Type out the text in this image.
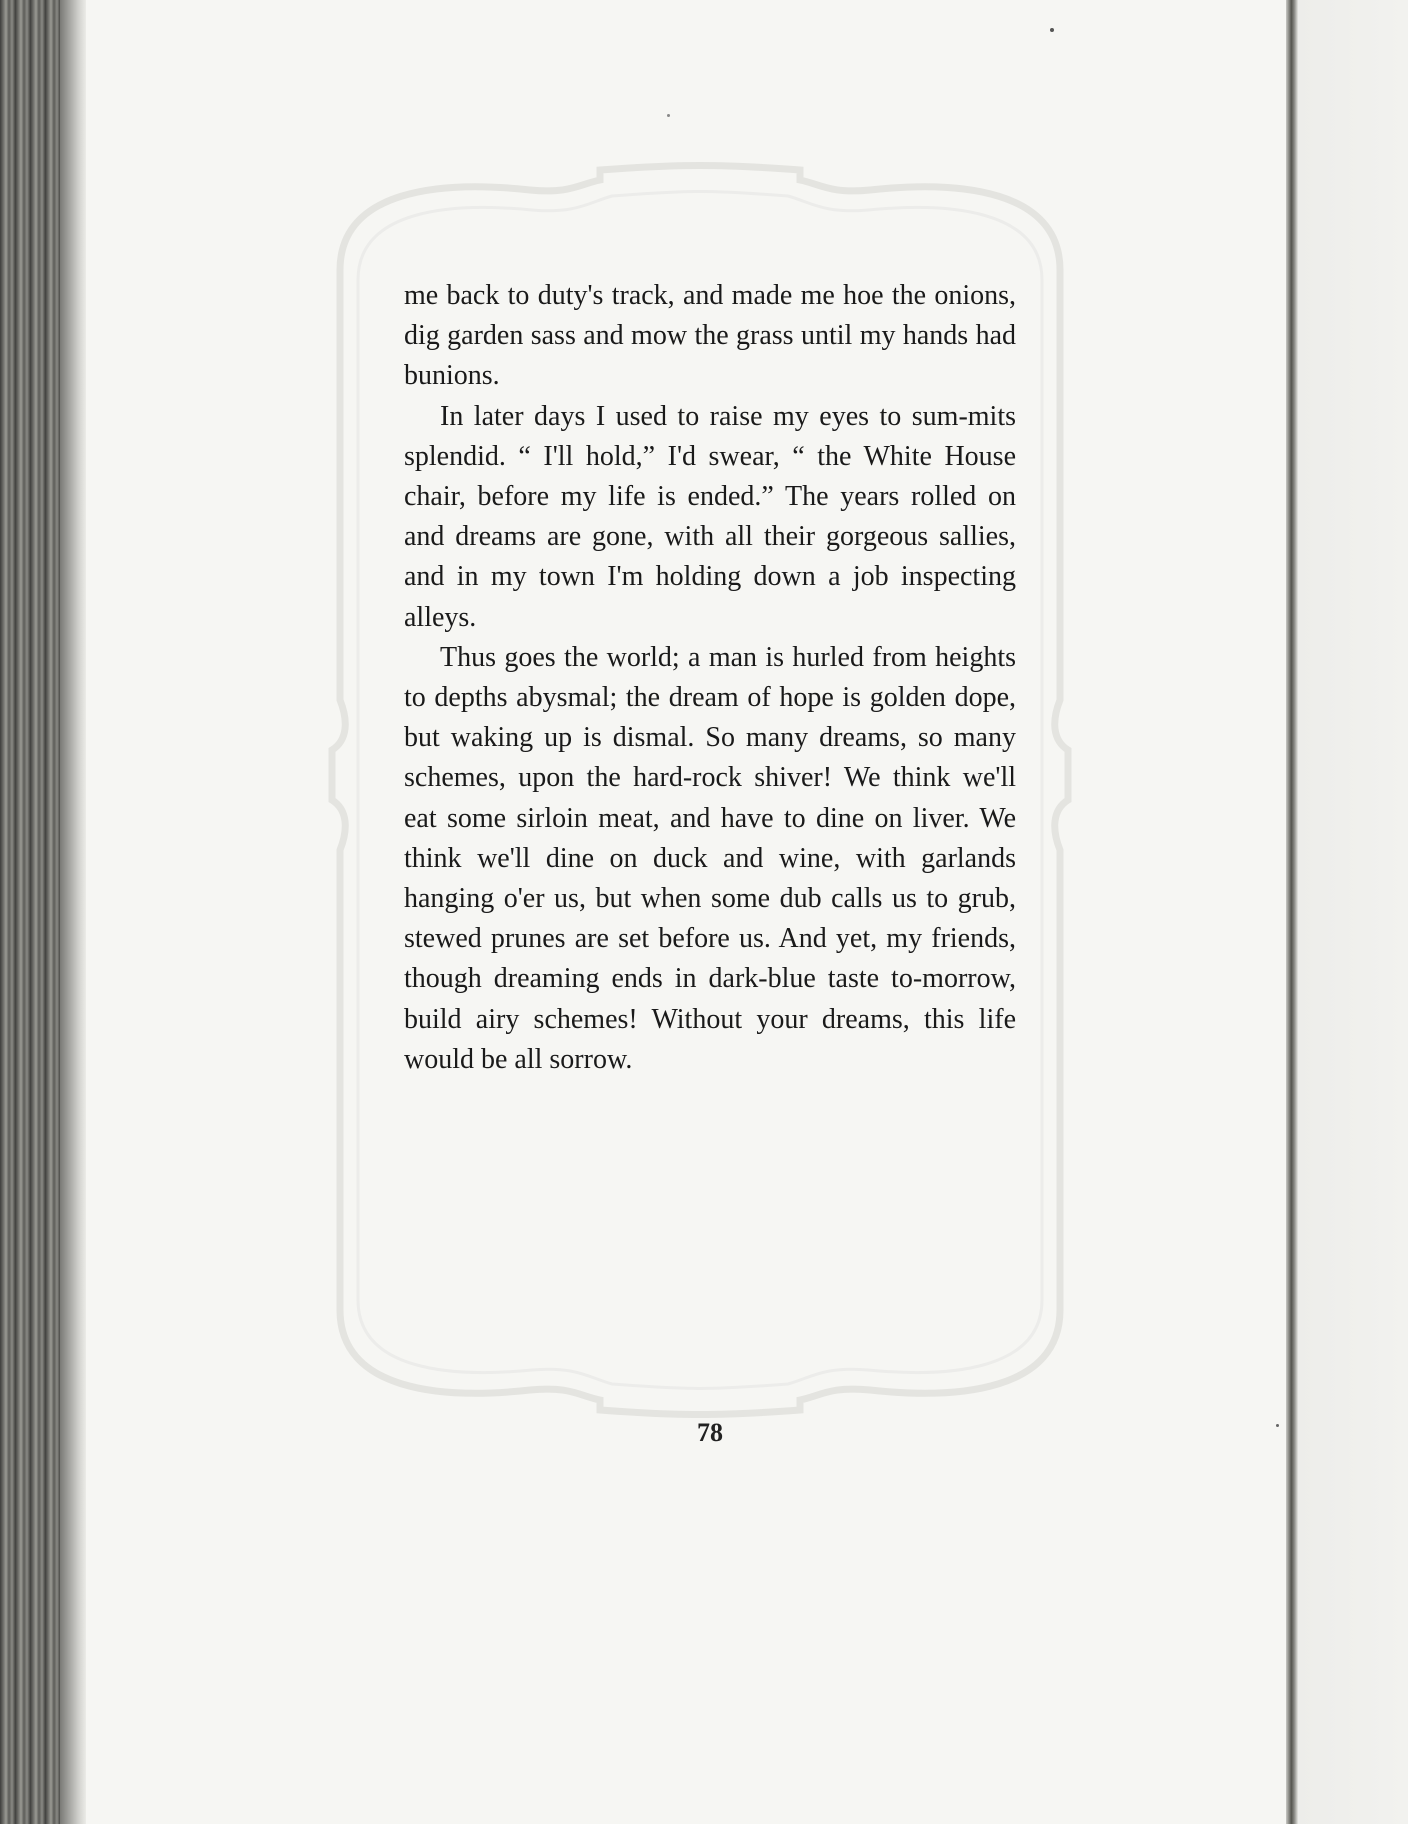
me back to duty's track, and made me hoe the onions, dig garden sass and mow the grass until my hands had bunions.

In later days I used to raise my eyes to sum-mits splendid. “ I'll hold,” I'd swear, “ the White House chair, before my life is ended.” The years rolled on and dreams are gone, with all their gorgeous sallies, and in my town I'm holding down a job inspecting alleys.

Thus goes the world; a man is hurled from heights to depths abysmal; the dream of hope is golden dope, but waking up is dismal. So many dreams, so many schemes, upon the hard-rock shiver! We think we'll eat some sirloin meat, and have to dine on liver. We think we'll dine on duck and wine, with garlands hanging o'er us, but when some dub calls us to grub, stewed prunes are set before us. And yet, my friends, though dreaming ends in dark-blue taste to-morrow, build airy schemes! Without your dreams, this life would be all sorrow.

78
